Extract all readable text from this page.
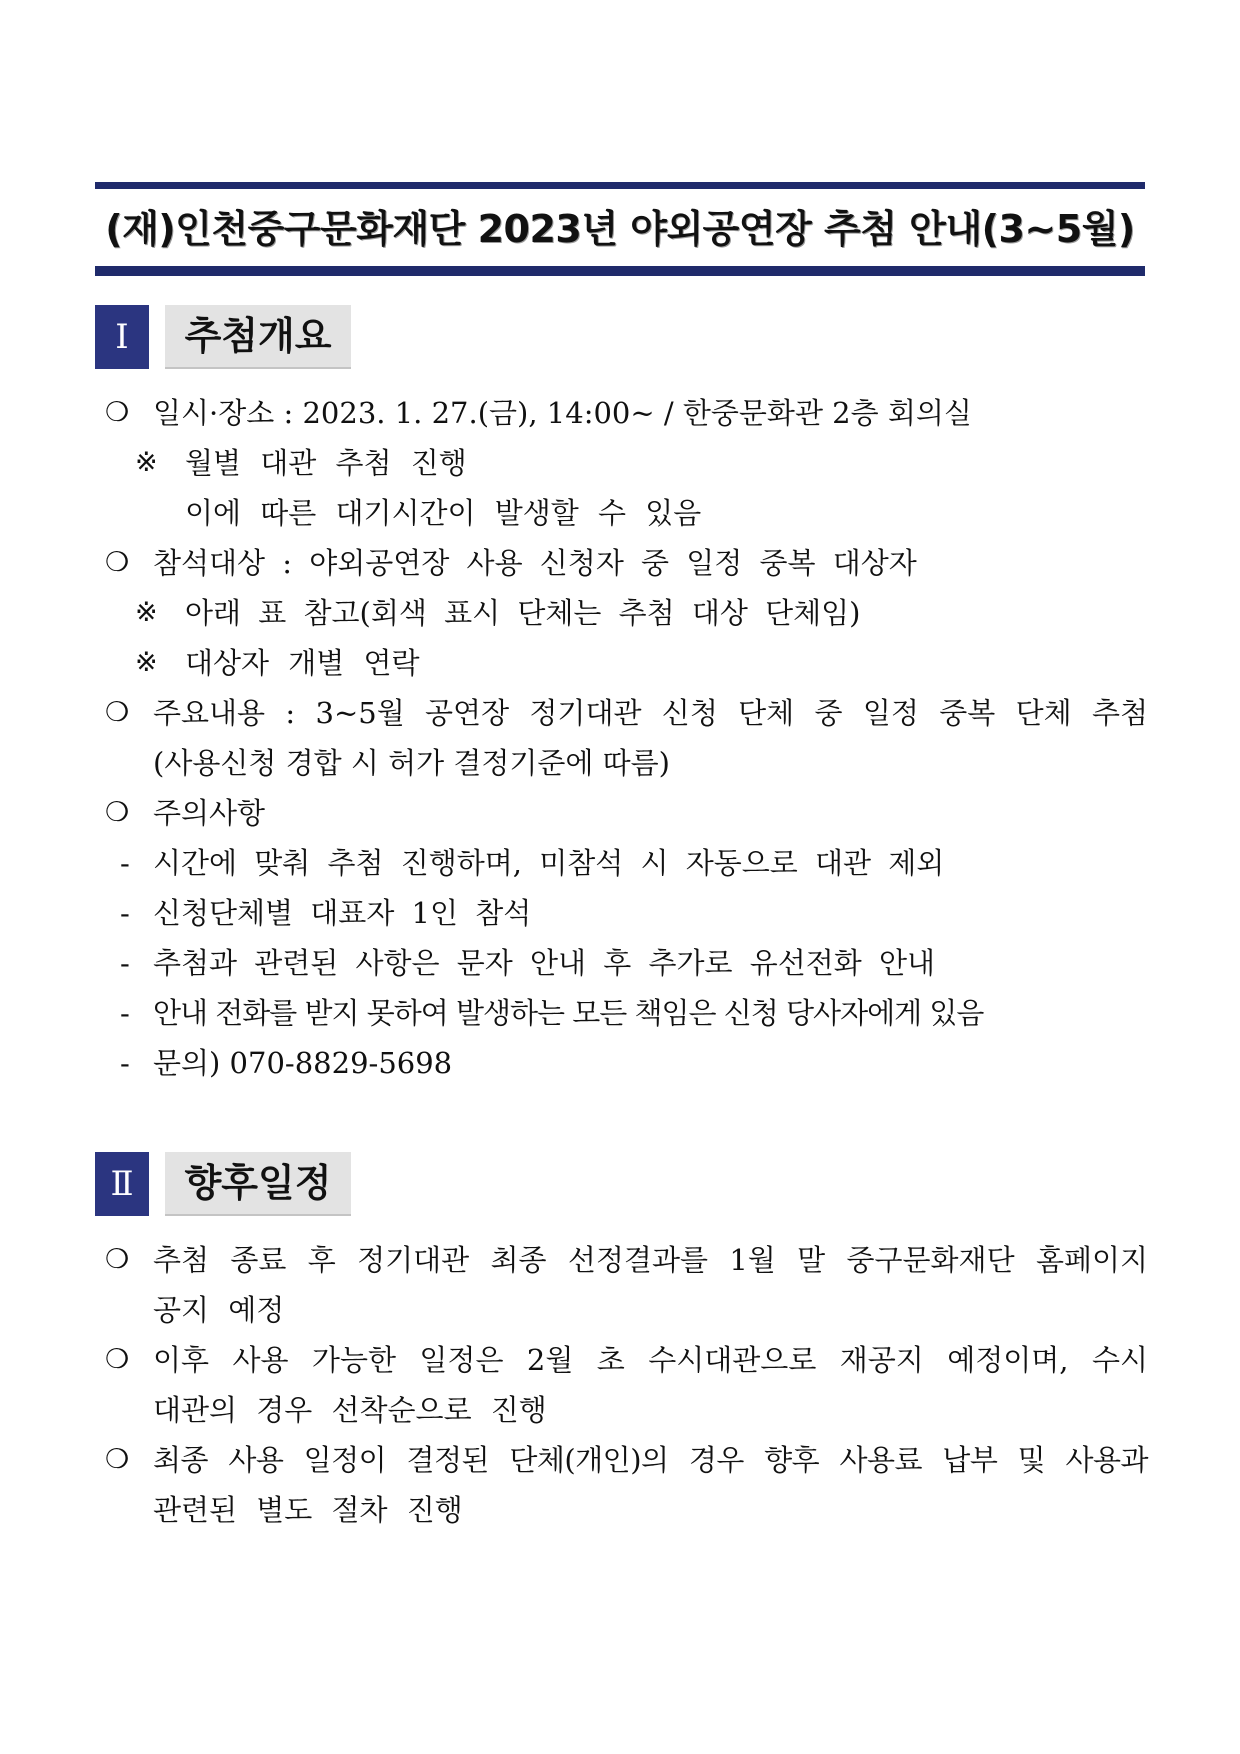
(재)인천중구문화재단 2023년 야외공연장 추첨 안내(3~5월)
Ⅰ	추첨개요
❍ 일시·장소 : 2023. 1. 27.(금), 14:00~ / 한중문화관 2층 회의실
※ 월별 대관 추첨 진행
이에 따른 대기시간이 발생할 수 있음
❍ 참석대상 : 야외공연장 사용 신청자 중 일정 중복 대상자
※ 아래 표 참고(회색 표시 단체는 추첨 대상 단체임)
※ 대상자 개별 연락
❍ 주요내용 : 3~5월 공연장 정기대관 신청 단체 중 일정 중복 단체 추첨
(사용신청 경합 시 허가 결정기준에 따름)
❍ 주의사항
- 시간에 맞춰 추첨 진행하며, 미참석 시 자동으로 대관 제외
- 신청단체별 대표자 1인 참석
- 추첨과 관련된 사항은 문자 안내 후 추가로 유선전화 안내
- 안내 전화를 받지 못하여 발생하는 모든 책임은 신청 당사자에게 있음
- 문의) 070-8829-5698
Ⅱ	향후일정
❍ 추첨 종료 후 정기대관 최종 선정결과를 1월 말 중구문화재단 홈페이지
공지 예정
❍ 이후 사용 가능한 일정은 2월 초 수시대관으로 재공지 예정이며, 수시
대관의 경우 선착순으로 진행
❍ 최종 사용 일정이 결정된 단체(개인)의 경우 향후 사용료 납부 및 사용과
관련된 별도 절차 진행
